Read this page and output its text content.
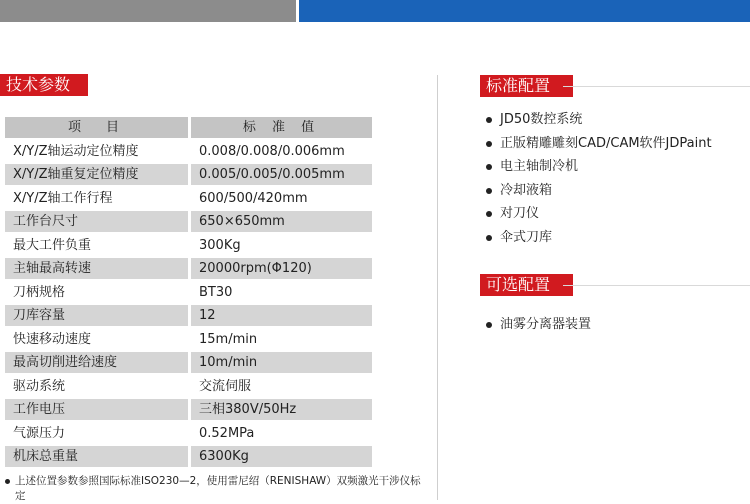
技术参数
项　目	标 准 值
X/Y/Z轴运动定位精度	0.008/0.008/0.006mm
X/Y/Z轴重复定位精度	0.005/0.005/0.005mm
X/Y/Z轴工作行程	600/500/420mm
工作台尺寸	650×650mm
最大工件负重	300Kg
主轴最高转速	20000rpm(Φ120)
刀柄规格	BT30
刀库容量	12
快速移动速度	15m/min
最高切削进给速度	10m/min
驱动系统	交流伺服
工作电压	三相380V/50Hz
气源压力	0.52MPa
机床总重量	6300Kg
上述位置参数参照国际标准ISO230—2，使用雷尼绍（RENISHAW）双频激光干涉仪标定
标准配置
JD50数控系统
正版精雕雕刻CAD/CAM软件JDPaint
电主轴制冷机
冷却液箱
对刀仪
伞式刀库
可选配置
油雾分离器装置
